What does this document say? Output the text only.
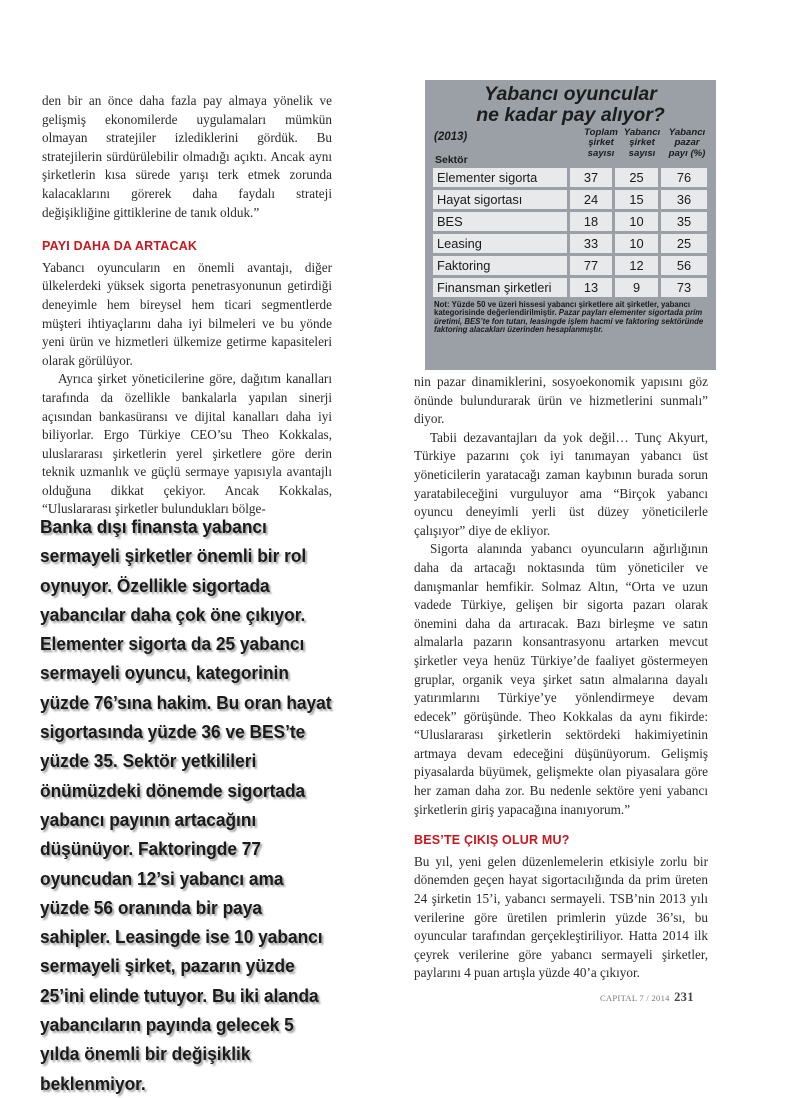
den bir an önce daha fazla pay almaya yönelik ve gelişmiş ekonomilerde uygulamaları mümkün olmayan stratejiler izlediklerini gördük. Bu stratejilerin sürdürülebilir olmadığı açıktı. Ancak aynı şirketlerin kısa sürede yarışı terk etmek zorunda kalacaklarını görerek daha faydalı strateji değişikliğine gittiklerine de tanık olduk.”

PAYI DAHA DA ARTACAK

Yabancı oyuncuların en önemli avantajı, diğer ülkelerdeki yüksek sigorta penetrasyonunun getirdiği deneyimle hem bireysel hem ticari segmentlerde müşteri ihtiyaçlarını daha iyi bilmeleri ve bu yönde yeni ürün ve hizmetleri ülkemize getirme kapasiteleri olarak görülüyor.

Ayrıca şirket yöneticilerine göre, dağıtım kanalları tarafında da özellikle bankalarla yapılan sinerji açısından bankasüransı ve dijital kanalları daha iyi biliyorlar. Ergo Türkiye CEO’su Theo Kokkalas, uluslararası şirketlerin yerel şirketlere göre derin teknik uzmanlık ve güçlü sermaye yapısıyla avantajlı olduğuna dikkat çekiyor. Ancak Kokkalas, “Uluslararası şirketler bulundukları bölge-

Banka dışı finansta yabancı sermayeli şirketler önemli bir rol oynuyor. Özellikle sigortada yabancılar daha çok öne çıkıyor. Elementer sigorta da 25 yabancı sermayeli oyuncu, kategorinin yüzde 76’sına hakim. Bu oran hayat sigortasında yüzde 36 ve BES’te yüzde 35. Sektör yetkilileri önümüzdeki dönemde sigortada yabancı payının artacağını düşünüyor. Faktoringde 77 oyuncudan 12’si yabancı ama yüzde 56 oranında bir paya sahipler. Leasingde ise 10 yabancı sermayeli şirket, pazarın yüzde 25’ini elinde tutuyor. Bu iki alanda yabancıların payında gelecek 5 yılda önemli bir değişiklik beklenmiyor.
Yabancı oyuncular
ne kadar pay alıyor?
(2013)
Sektör
Toplam
şirket
sayısı
Yabancı
şirket
sayısı
Yabancı
pazar
payı (%)
Elementer sigorta	37	25	76
Hayat sigortası	24	15	36
BES	18	10	35
Leasing	33	10	25
Faktoring	77	12	56
Finansman şirketleri	13	9	73
Not: Yüzde 50 ve üzeri hissesi yabancı şirketlere ait şirketler, yabancı kategorisinde değerlendirilmiştir. Pazar payları elementer sigortada prim üretimi, BES’te fon tutarı, leasingde işlem hacmi ve faktoring sektöründe faktoring alacakları üzerinden hesaplanmıştır.

nin pazar dinamiklerini, sosyoekonomik yapısını göz önünde bulundurarak ürün ve hizmetlerini sunmalı” diyor.

Tabii dezavantajları da yok değil… Tunç Akyurt, Türkiye pazarını çok iyi tanımayan yabancı üst yöneticilerin yaratacağı zaman kaybının burada sorun yaratabileceğini vurguluyor ama “Birçok yabancı oyuncu deneyimli yerli üst düzey yöneticilerle çalışıyor” diye de ekliyor.

Sigorta alanında yabancı oyuncuların ağırlığının daha da artacağı noktasında tüm yöneticiler ve danışmanlar hemfikir. Solmaz Altın, “Orta ve uzun vadede Türkiye, gelişen bir sigorta pazarı olarak önemini daha da artıracak. Bazı birleşme ve satın almalarla pazarın konsantrasyonu artarken mevcut şirketler veya henüz Türkiye’de faaliyet göstermeyen gruplar, organik veya şirket satın almalarına dayalı yatırımlarını Türkiye’ye yönlendirmeye devam edecek” görüşünde. Theo Kokkalas da aynı fikirde: “Uluslararası şirketlerin sektördeki hakimiyetinin artmaya devam edeceğini düşünüyorum. Gelişmiş piyasalarda büyümek, gelişmekte olan piyasalara göre her zaman daha zor. Bu nedenle sektöre yeni yabancı şirketlerin giriş yapacağına inanıyorum.”

BES’TE ÇIKIŞ OLUR MU?

Bu yıl, yeni gelen düzenlemelerin etkisiyle zorlu bir dönemden geçen hayat sigortacılığında da prim üreten 24 şirketin 15’i, yabancı sermayeli. TSB’nin 2013 yılı verilerine göre üretilen primlerin yüzde 36’sı, bu oyuncular tarafından gerçekleştiriliyor. Hatta 2014 ilk çeyrek verilerine göre yabancı sermayeli şirketler, paylarını 4 puan artışla yüzde 40’a çıkıyor.

CAPITAL 7 / 2014 231
